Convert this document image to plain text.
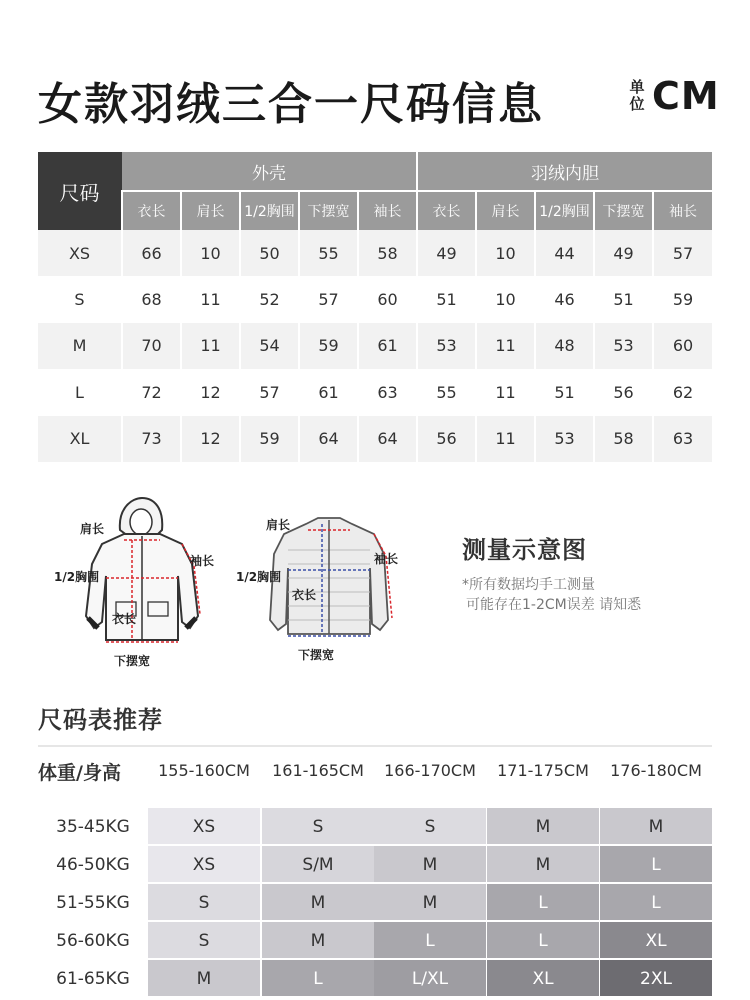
女款羽绒三合一尺码信息	单位 CM
尺码	外壳					羽绒内胆				
	衣长	肩长	1/2胸围	下摆宽	袖长	衣长	肩长	1/2胸围	下摆宽	袖长
XS	66	10	50	55	58	49	10	44	49	57
S	68	11	52	57	60	51	10	46	51	59
M	70	11	54	59	61	53	11	48	53	60
L	72	12	57	61	63	55	11	51	56	62
XL	73	12	59	64	64	56	11	53	58	63
肩长
袖长
1/2胸围
衣长
下摆宽
肩长
袖长
1/2胸围
衣长
下摆宽
测量示意图
*所有数据均手工测量
可能存在1-2CM误差 请知悉
尺码表推荐
体重/身高	155-160CM	161-165CM	166-170CM	171-175CM	176-180CM
35-45KG	XS	S	S	M	M
46-50KG	XS	S/M	M	M	L
51-55KG	S	M	M	L	L
56-60KG	S	M	L	L	XL
61-65KG	M	L	L/XL	XL	2XL
